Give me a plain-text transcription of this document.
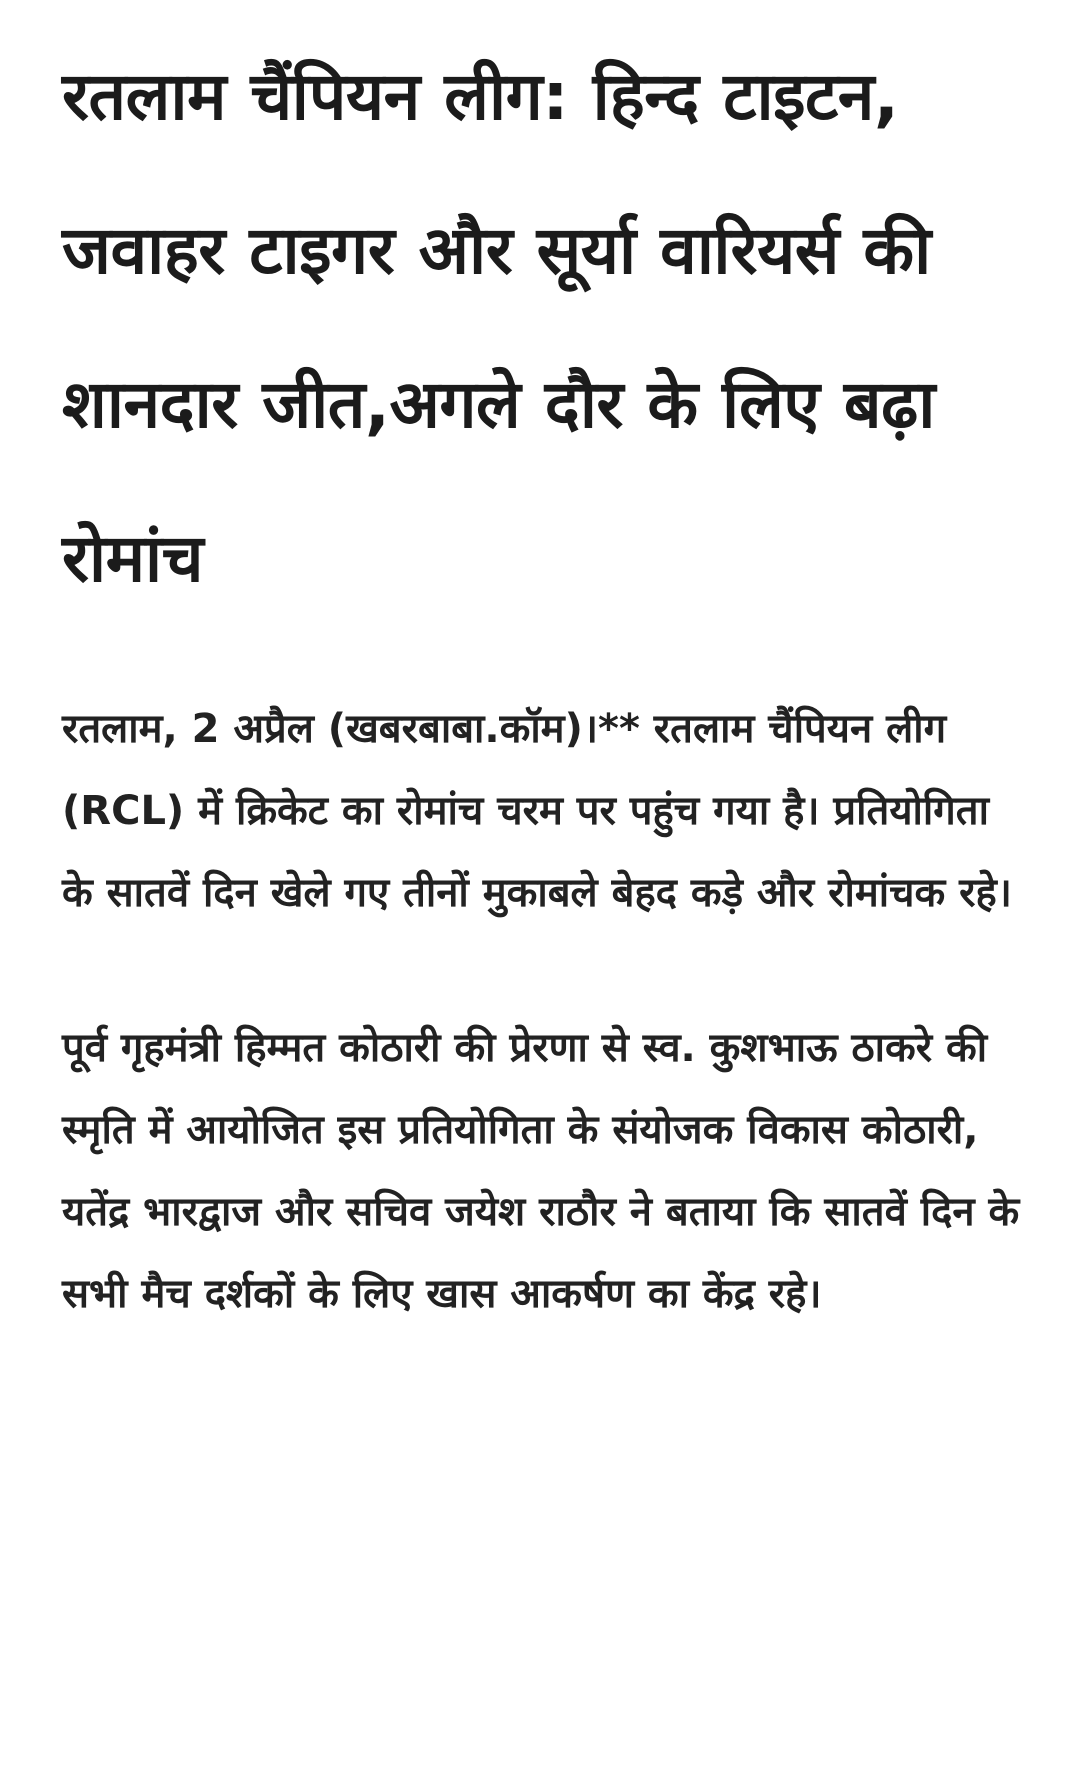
रतलाम चैंपियन लीग: हिन्द टाइटन, जवाहर टाइगर और सूर्या वारियर्स की शानदार जीत,अगले दौर के लिए बढ़ा रोमांच

रतलाम, 2 अप्रैल (खबरबाबा.कॉम)।** रतलाम चैंपियन लीग (RCL) में क्रिकेट का रोमांच चरम पर पहुंच गया है। प्रतियोगिता के सातवें दिन खेले गए तीनों मुकाबले बेहद कड़े और रोमांचक रहे।

पूर्व गृहमंत्री हिम्मत कोठारी की प्रेरणा से स्व. कुशभाऊ ठाकरे की स्मृति में आयोजित इस प्रतियोगिता के संयोजक विकास कोठारी, यतेंद्र भारद्वाज और सचिव जयेश राठौर ने बताया कि सातवें दिन के सभी मैच दर्शकों के लिए खास आकर्षण का केंद्र रहे।
